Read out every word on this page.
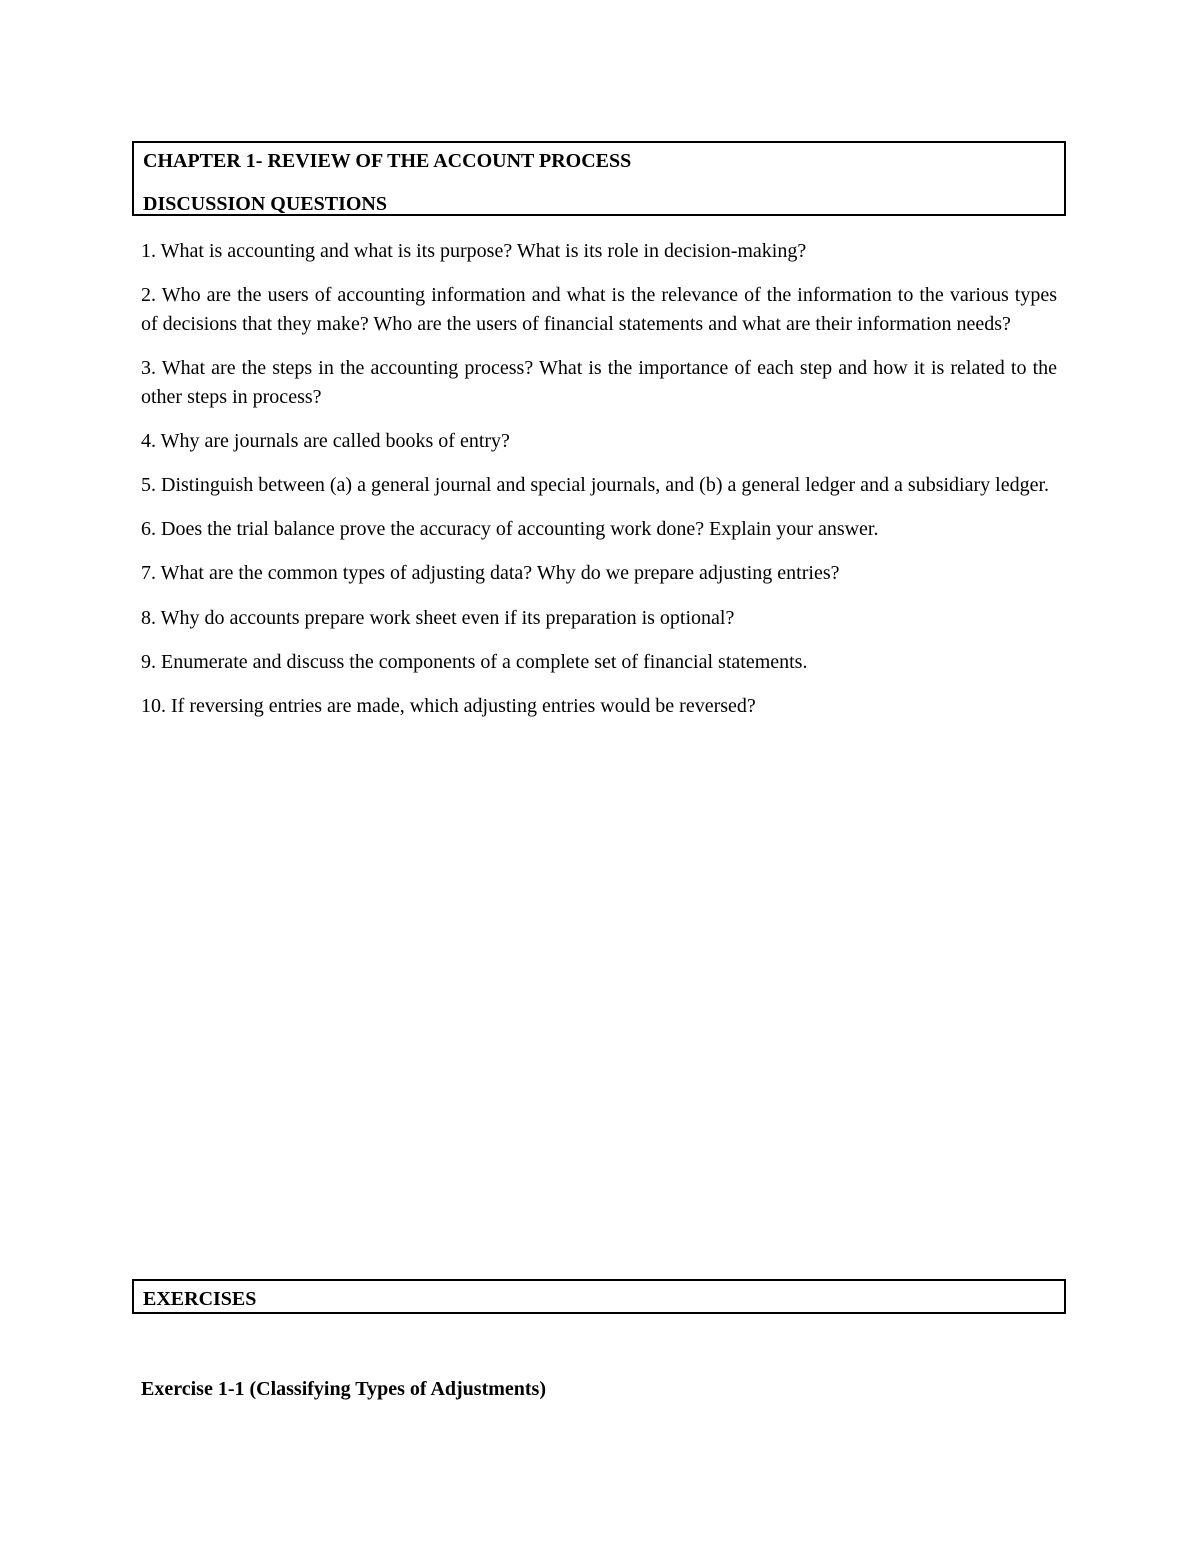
CHAPTER 1- REVIEW OF THE ACCOUNT PROCESS
DISCUSSION QUESTIONS
1. What is accounting and what is its purpose? What is its role in decision-making?
2. Who are the users of accounting information and what is the relevance of the information to the various types of decisions that they make? Who are the users of financial statements and what are their information needs?
3. What are the steps in the accounting process? What is the importance of each step and how it is related to the other steps in process?
4. Why are journals are called books of entry?
5. Distinguish between (a) a general journal and special journals, and (b) a general ledger and a subsidiary ledger.
6. Does the trial balance prove the accuracy of accounting work done? Explain your answer.
7. What are the common types of adjusting data? Why do we prepare adjusting entries?
8. Why do accounts prepare work sheet even if its preparation is optional?
9. Enumerate and discuss the components of a complete set of financial statements.
10. If reversing entries are made, which adjusting entries would be reversed?
EXERCISES
Exercise 1-1 (Classifying Types of Adjustments)
